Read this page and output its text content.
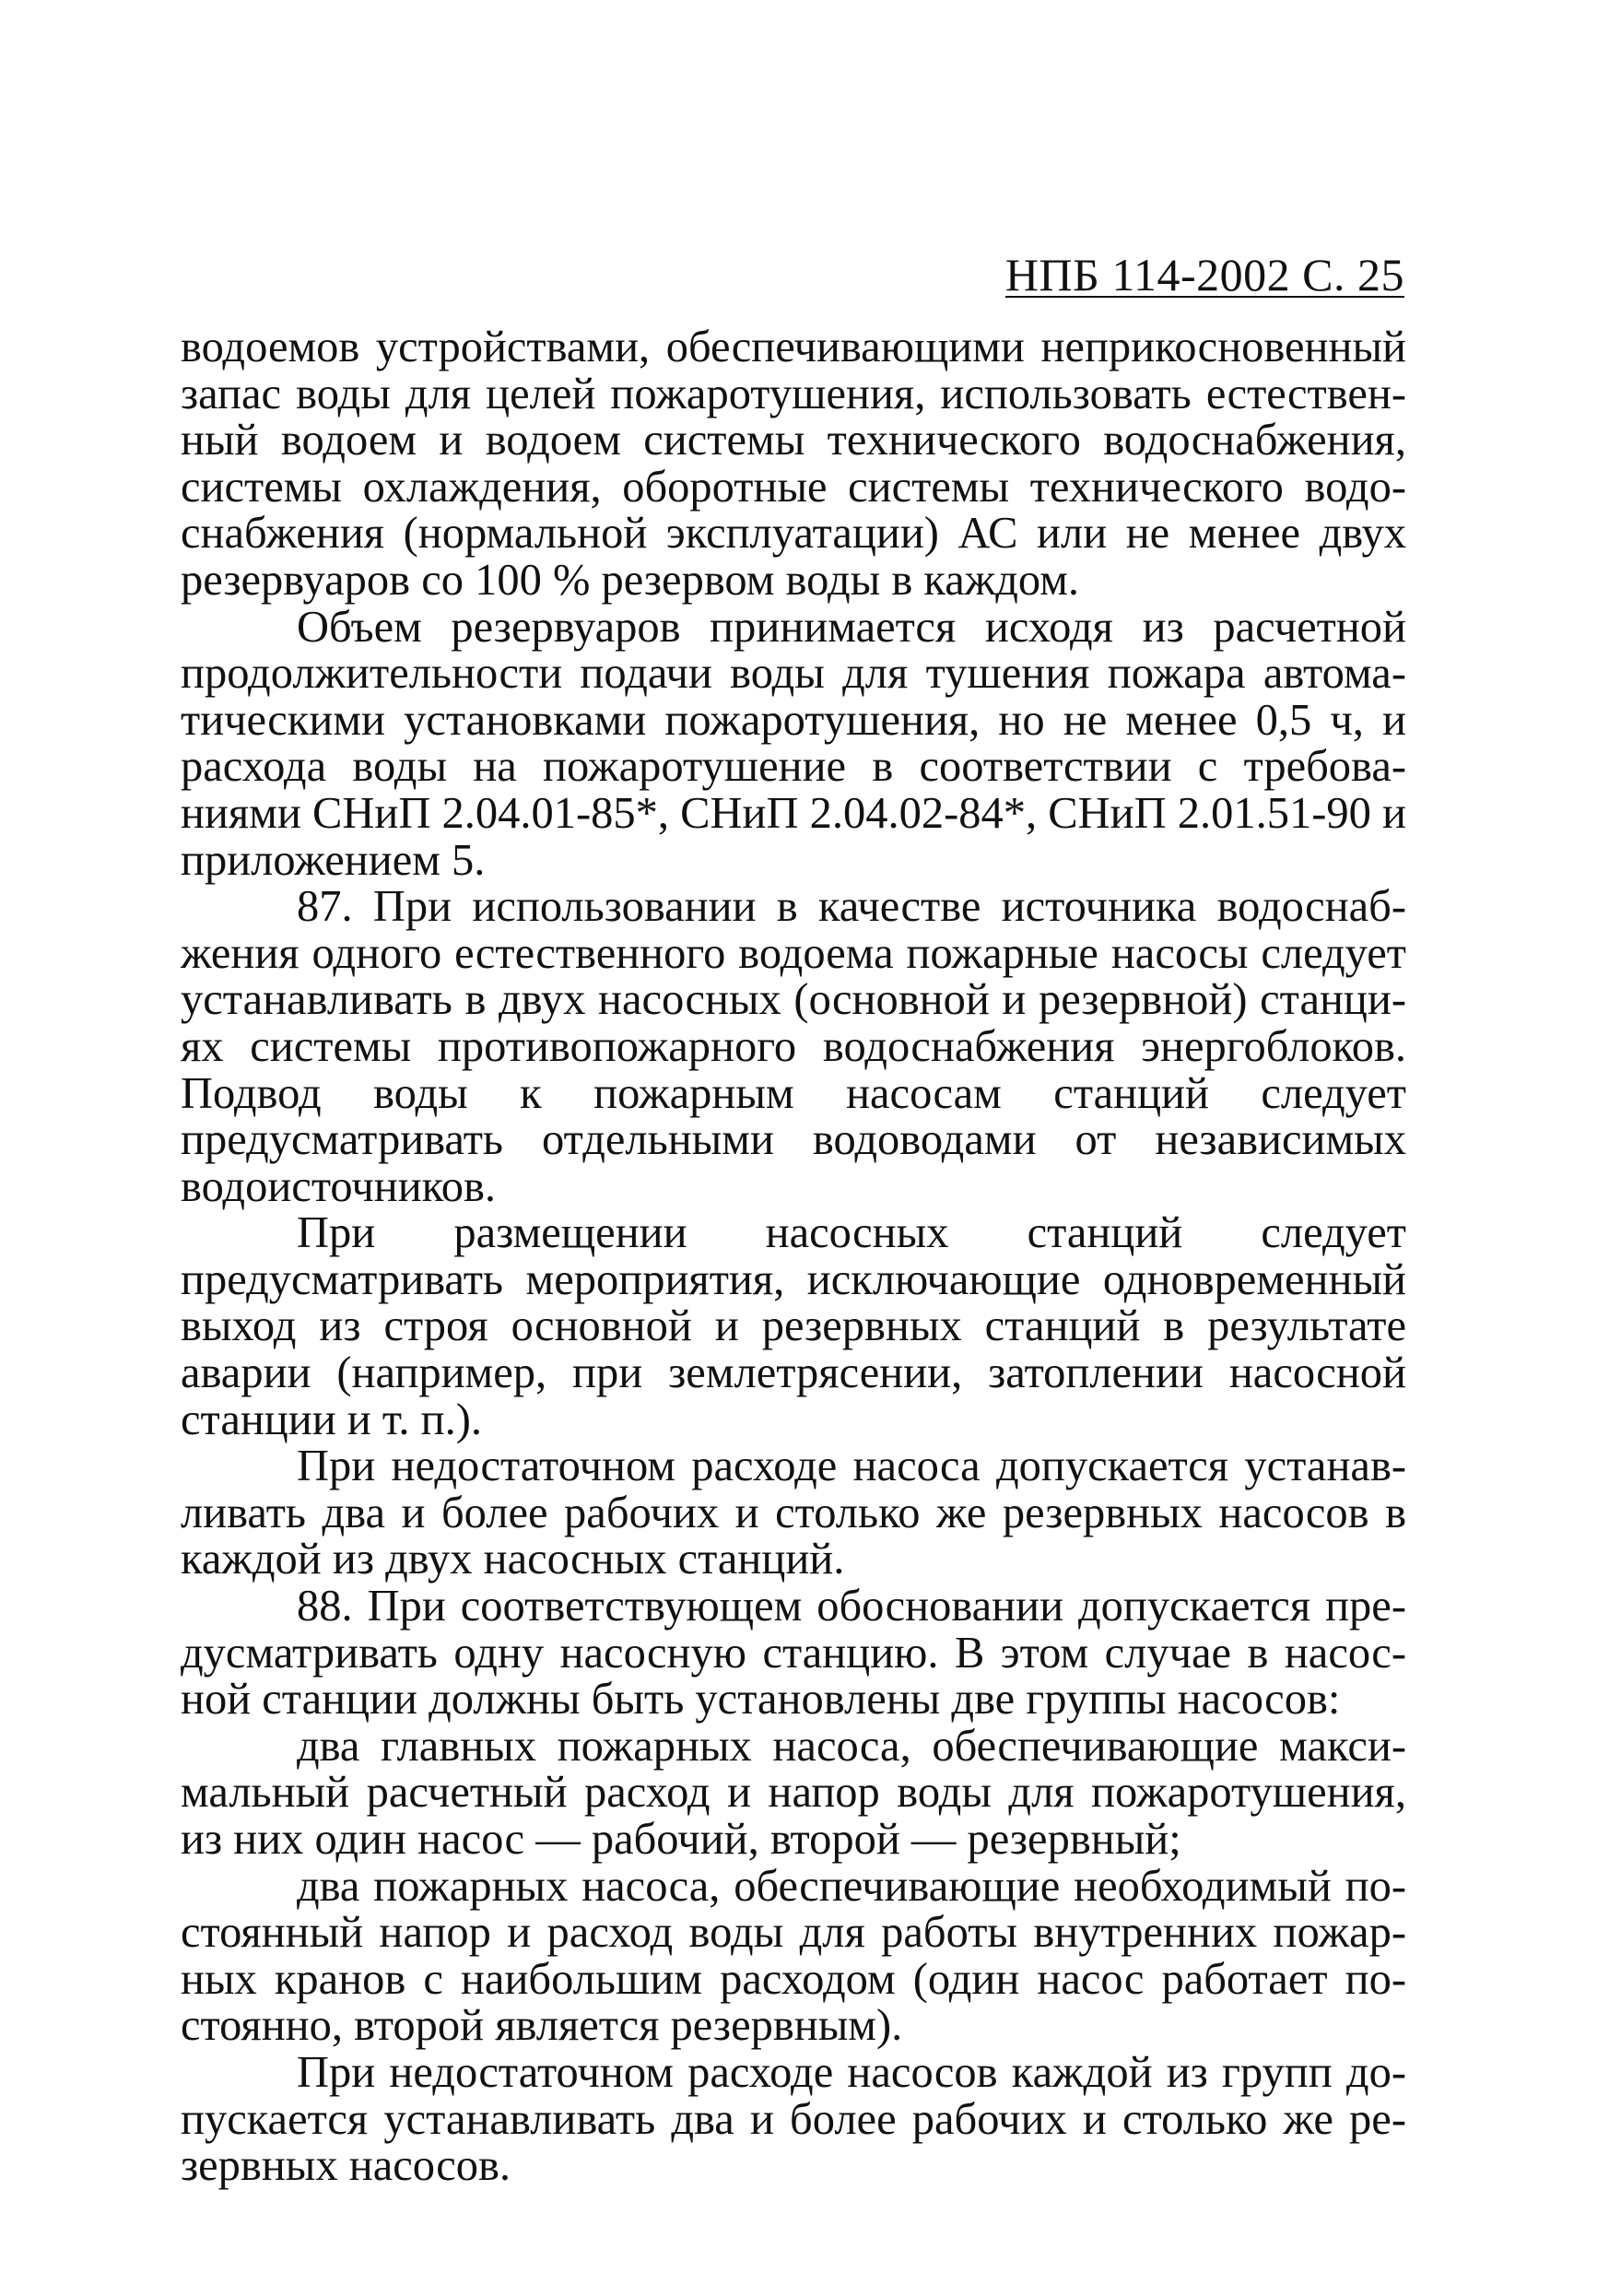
НПБ 114-2002 С. 25

водоемов устройствами, обеспечивающими неприкосновенный запас воды для целей пожаротушения, использовать естественный водоем и водоем системы технического водоснабжения, системы охлаждения, оборотные системы технического водоснабжения (нормальной эксплуатации) АС или не менее двух резервуаров со 100 % резервом воды в каждом.

Объем резервуаров принимается исходя из расчетной продолжительности подачи воды для тушения пожара автоматическими установками пожаротушения, но не менее 0,5 ч, и расхода воды на пожаротушение в соответствии с требованиями СНиП 2.04.01-85*, СНиП 2.04.02-84*, СНиП 2.01.51-90 и приложением 5.

87. При использовании в качестве источника водоснабжения одного естественного водоема пожарные насосы следует устанавливать в двух насосных (основной и резервной) станциях системы противопожарного водоснабжения энергоблоков. Подвод воды к пожарным насосам станций следует предусматривать отдельными водоводами от независимых водоисточников.

При размещении насосных станций следует предусматривать мероприятия, исключающие одновременный выход из строя основной и резервных станций в результате аварии (например, при землетрясении, затоплении насосной станции и т. п.).

При недостаточном расходе насоса допускается устанавливать два и более рабочих и столько же резервных насосов в каждой из двух насосных станций.

88. При соответствующем обосновании допускается предусматривать одну насосную станцию. В этом случае в насосной станции должны быть установлены две группы насосов:

два главных пожарных насоса, обеспечивающие максимальный расчетный расход и напор воды для пожаротушения, из них один насос — рабочий, второй — резервный;

два пожарных насоса, обеспечивающие необходимый постоянный напор и расход воды для работы внутренних пожарных кранов с наибольшим расходом (один насос работает постоянно, второй является резервным).

При недостаточном расходе насосов каждой из групп допускается устанавливать два и более рабочих и столько же резервных насосов.
